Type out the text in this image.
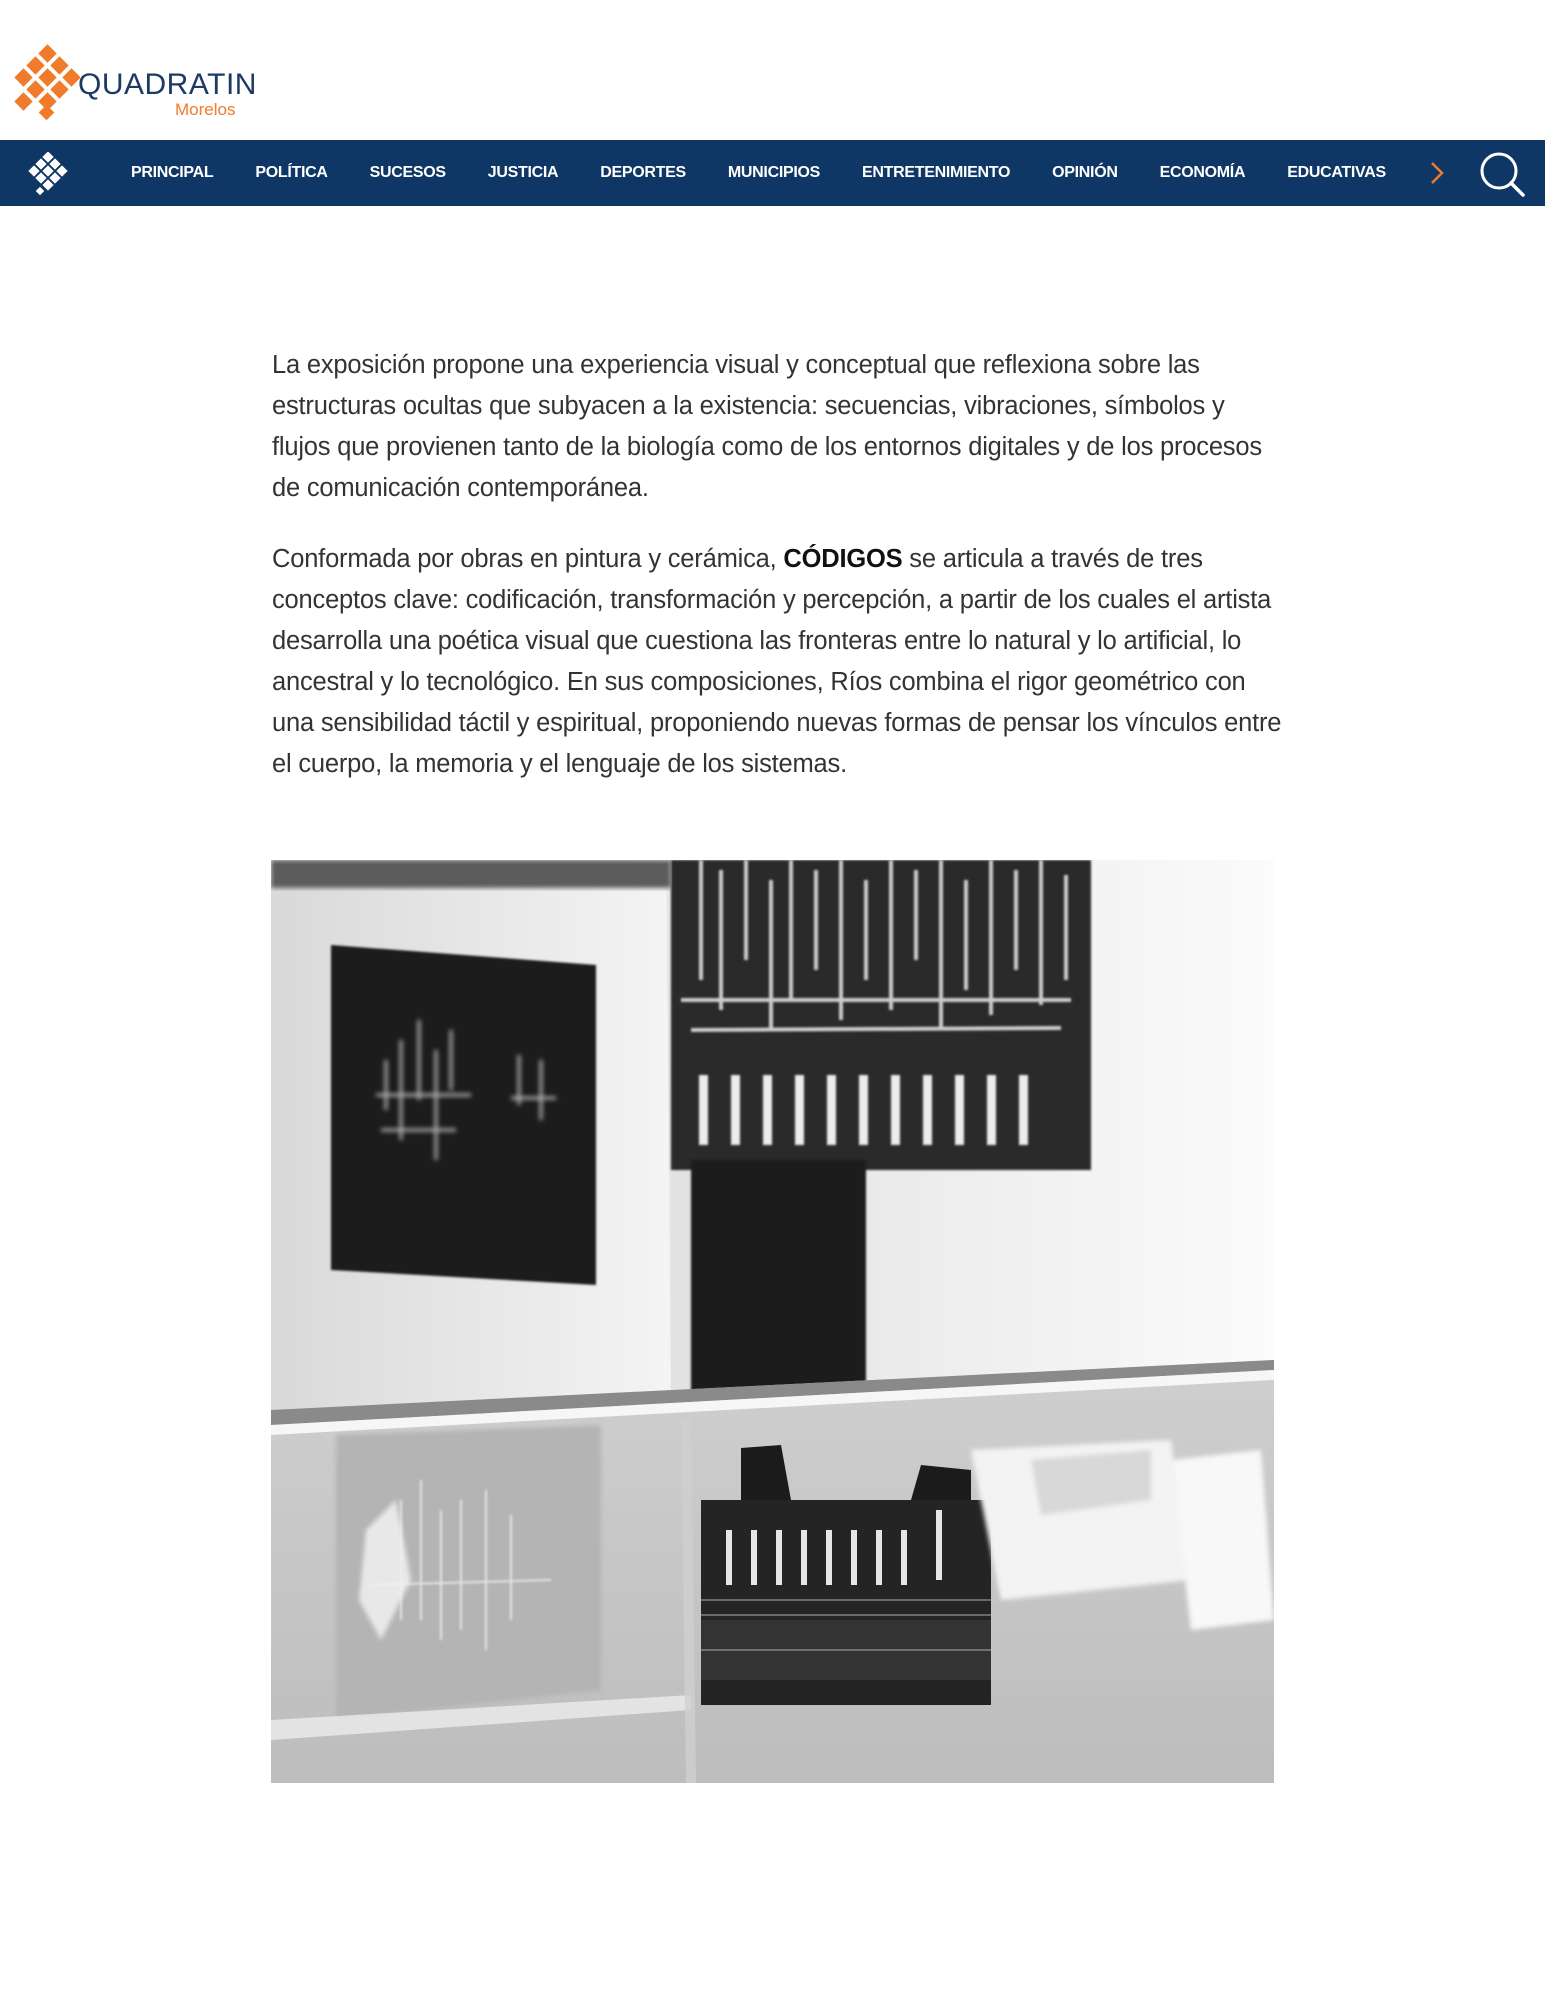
QUADRATIN
Morelos
PRINCIPAL	POLÍTICA	SUCESOS	JUSTICIA	DEPORTES	MUNICIPIOS	ENTRETENIMIENTO	OPINIÓN	ECONOMÍA	EDUCATIVAS

La exposición propone una experiencia visual y conceptual que reflexiona sobre las estructuras ocultas que subyacen a la existencia: secuencias, vibraciones, símbolos y flujos que provienen tanto de la biología como de los entornos digitales y de los procesos de comunicación contemporánea.

Conformada por obras en pintura y cerámica, CÓDIGOS se articula a través de tres conceptos clave: codificación, transformación y percepción, a partir de los cuales el artista desarrolla una poética visual que cuestiona las fronteras entre lo natural y lo artificial, lo ancestral y lo tecnológico. En sus composiciones, Ríos combina el rigor geométrico con una sensibilidad táctil y espiritual, proponiendo nuevas formas de pensar los vínculos entre el cuerpo, la memoria y el lenguaje de los sistemas.
